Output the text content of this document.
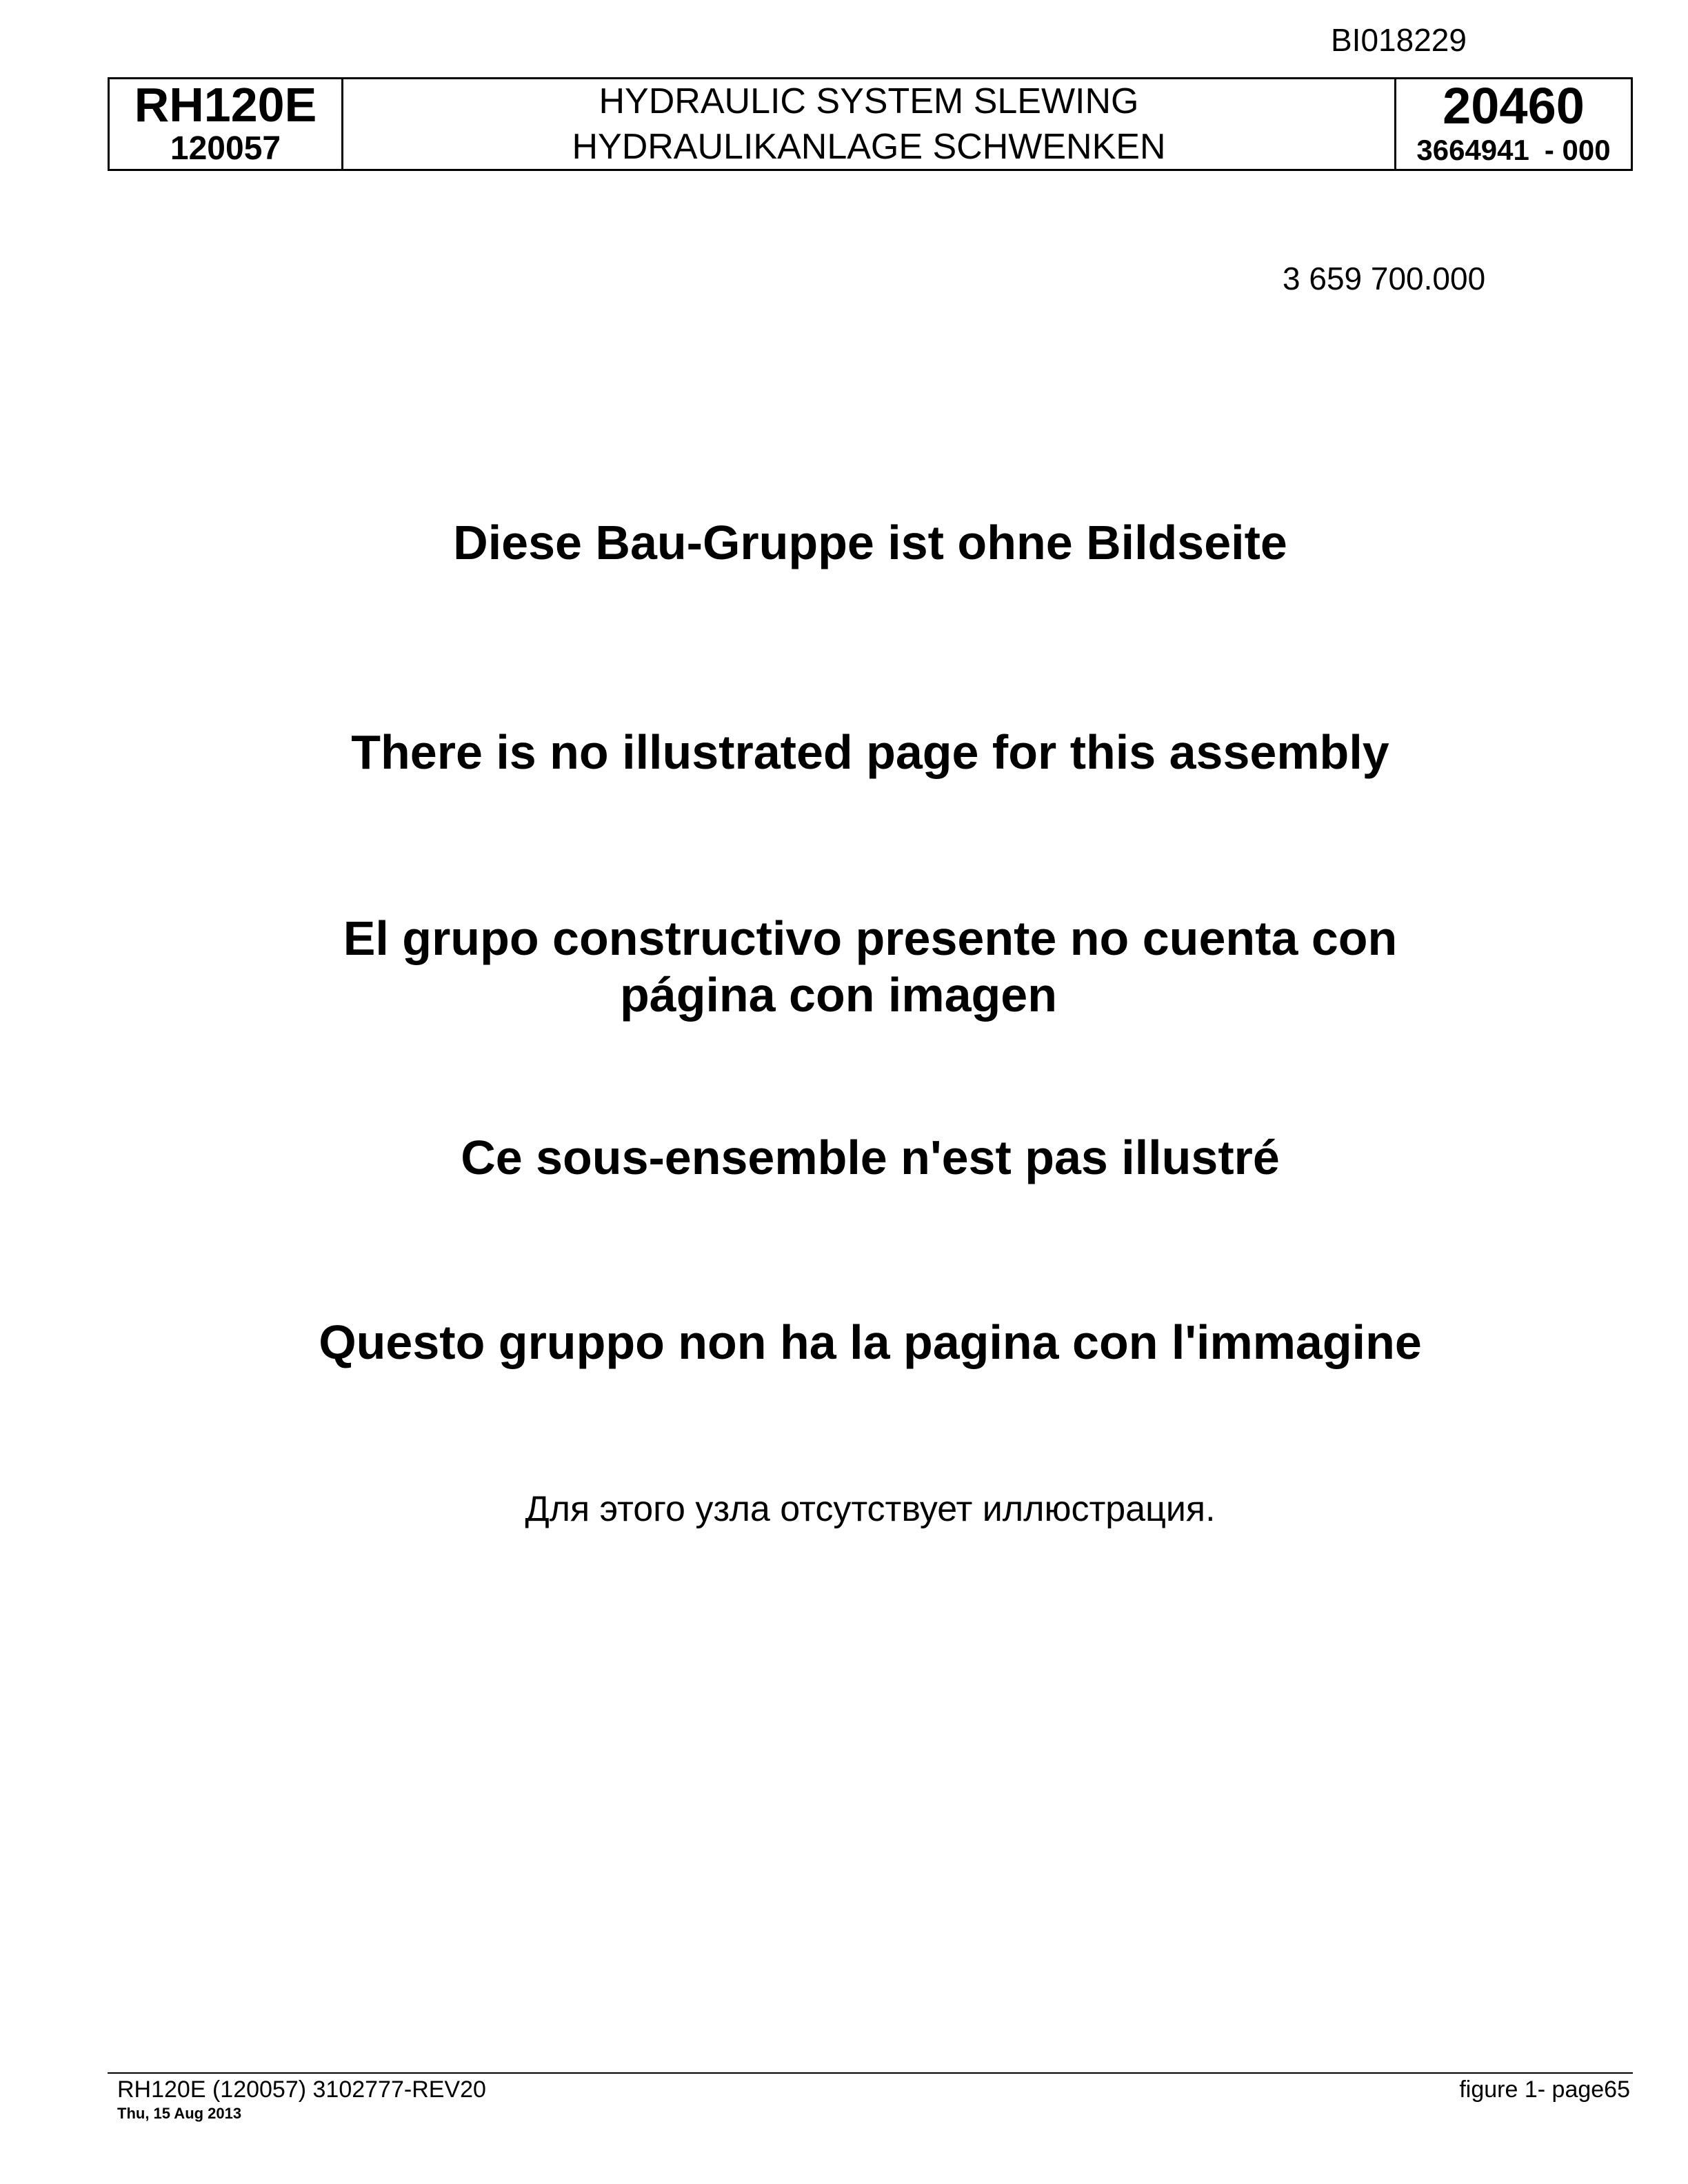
BI018229
RH120E
120057
HYDRAULIC SYSTEM SLEWING
HYDRAULIKANLAGE SCHWENKEN
20460
3664941 - 000
3 659 700.000
Diese Bau-Gruppe ist ohne Bildseite
There is no illustrated page for this assembly
El grupo constructivo presente no cuenta con
página con imagen
Ce sous-ensemble n'est pas illustré
Questo gruppo non ha la pagina con l'immagine
Для этого узла отсутствует иллюстрация.
RH120E (120057) 3102777-REV20
Thu, 15 Aug 2013
figure 1- page65
